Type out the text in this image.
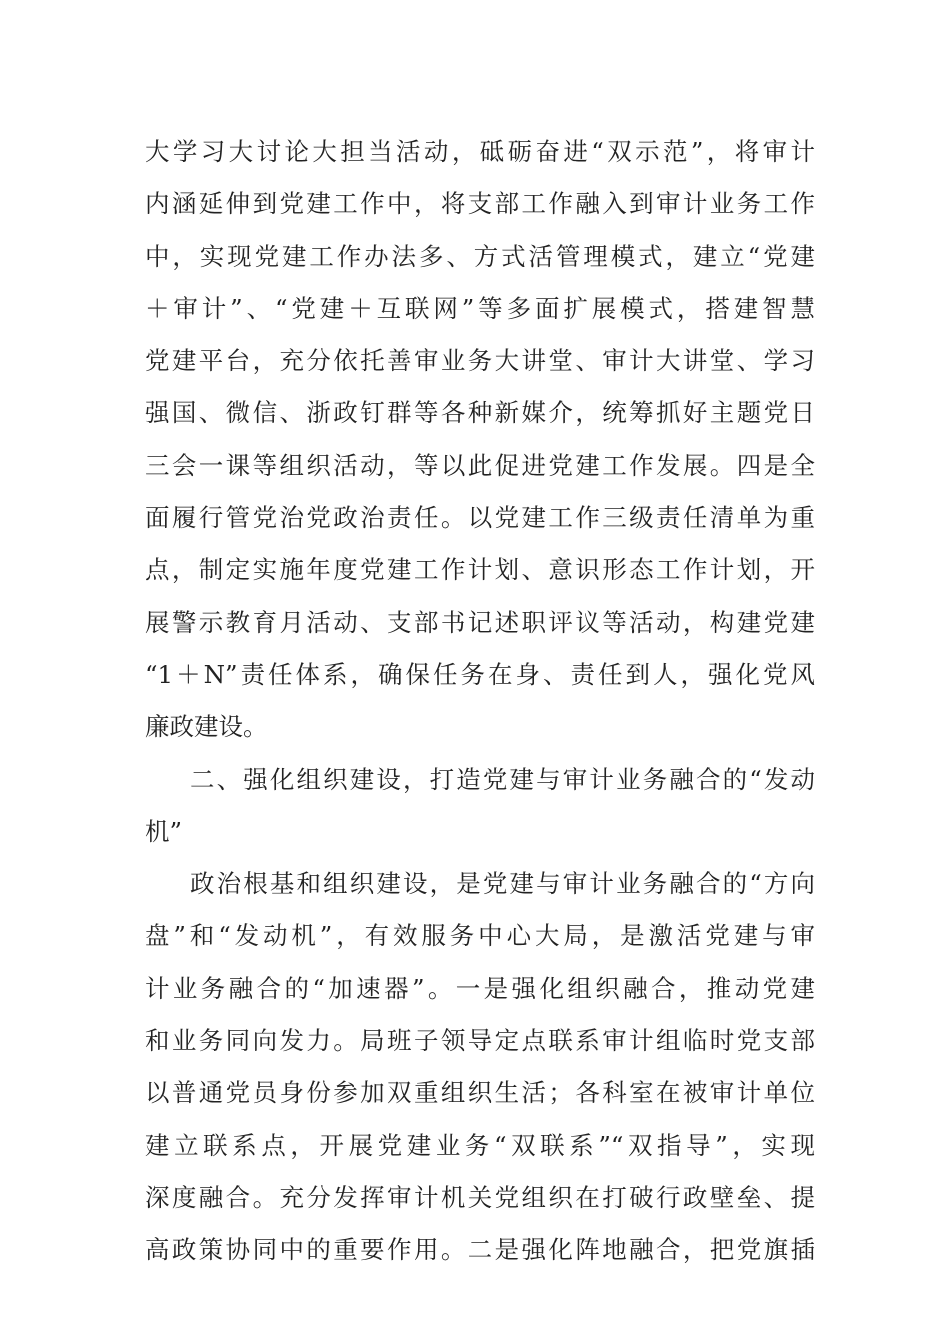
大学习大讨论大担当活动，砥砺奋进“双示范”，将审计
内涵延伸到党建工作中，将支部工作融入到审计业务工作
中，实现党建工作办法多、方式活管理模式，建立“党建
＋审计”、“党建＋互联网”等多面扩展模式，搭建智慧
党建平台，充分依托善审业务大讲堂、审计大讲堂、学习
强国、微信、浙政钉群等各种新媒介，统筹抓好主题党日
三会一课等组织活动，等以此促进党建工作发展。四是全
面履行管党治党政治责任。以党建工作三级责任清单为重
点，制定实施年度党建工作计划、意识形态工作计划，开
展警示教育月活动、支部书记述职评议等活动，构建党建
“1＋N”责任体系，确保任务在身、责任到人，强化党风
廉政建设。
二、强化组织建设，打造党建与审计业务融合的“发动
机”
政治根基和组织建设，是党建与审计业务融合的“方向
盘”和“发动机”，有效服务中心大局，是激活党建与审
计业务融合的“加速器”。一是强化组织融合，推动党建
和业务同向发力。局班子领导定点联系审计组临时党支部
以普通党员身份参加双重组织生活；各科室在被审计单位
建立联系点，开展党建业务“双联系”“双指导”，实现
深度融合。充分发挥审计机关党组织在打破行政壁垒、提
高政策协同中的重要作用。二是强化阵地融合，把党旗插
